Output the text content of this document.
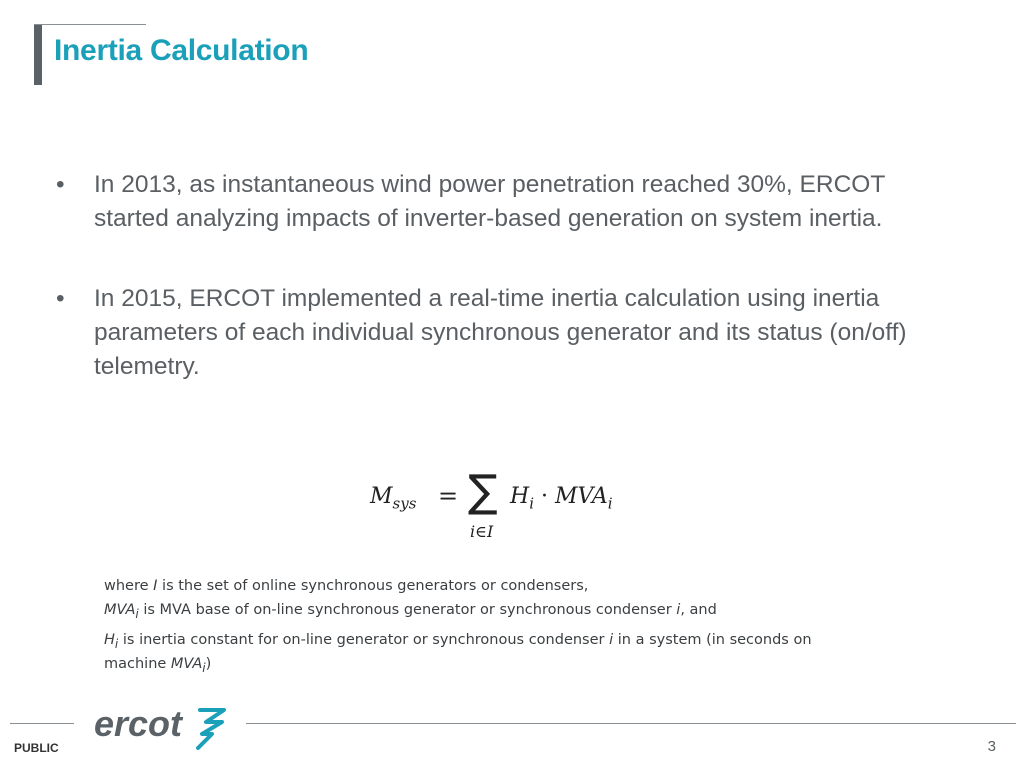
Inertia Calculation
• In 2013, as instantaneous wind power penetration reached 30%, ERCOT started analyzing impacts of inverter-based generation on system inertia.
• In 2015, ERCOT implemented a real-time inertia calculation using inertia parameters of each individual synchronous generator and its status (on/off) telemetry.
$M_{sys}$ = ∑
i∈I
$H_i \cdot MVA_i$

where I is the set of online synchronous generators or condensers,

$MVA_i$ is MVA base of on-line synchronous generator or synchronous condenser i, and

$H_i$ is inertia constant for on-line generator or synchronous condenser i in a system (in seconds on

machine $MVA_i$)

ercot
PUBLIC	3
